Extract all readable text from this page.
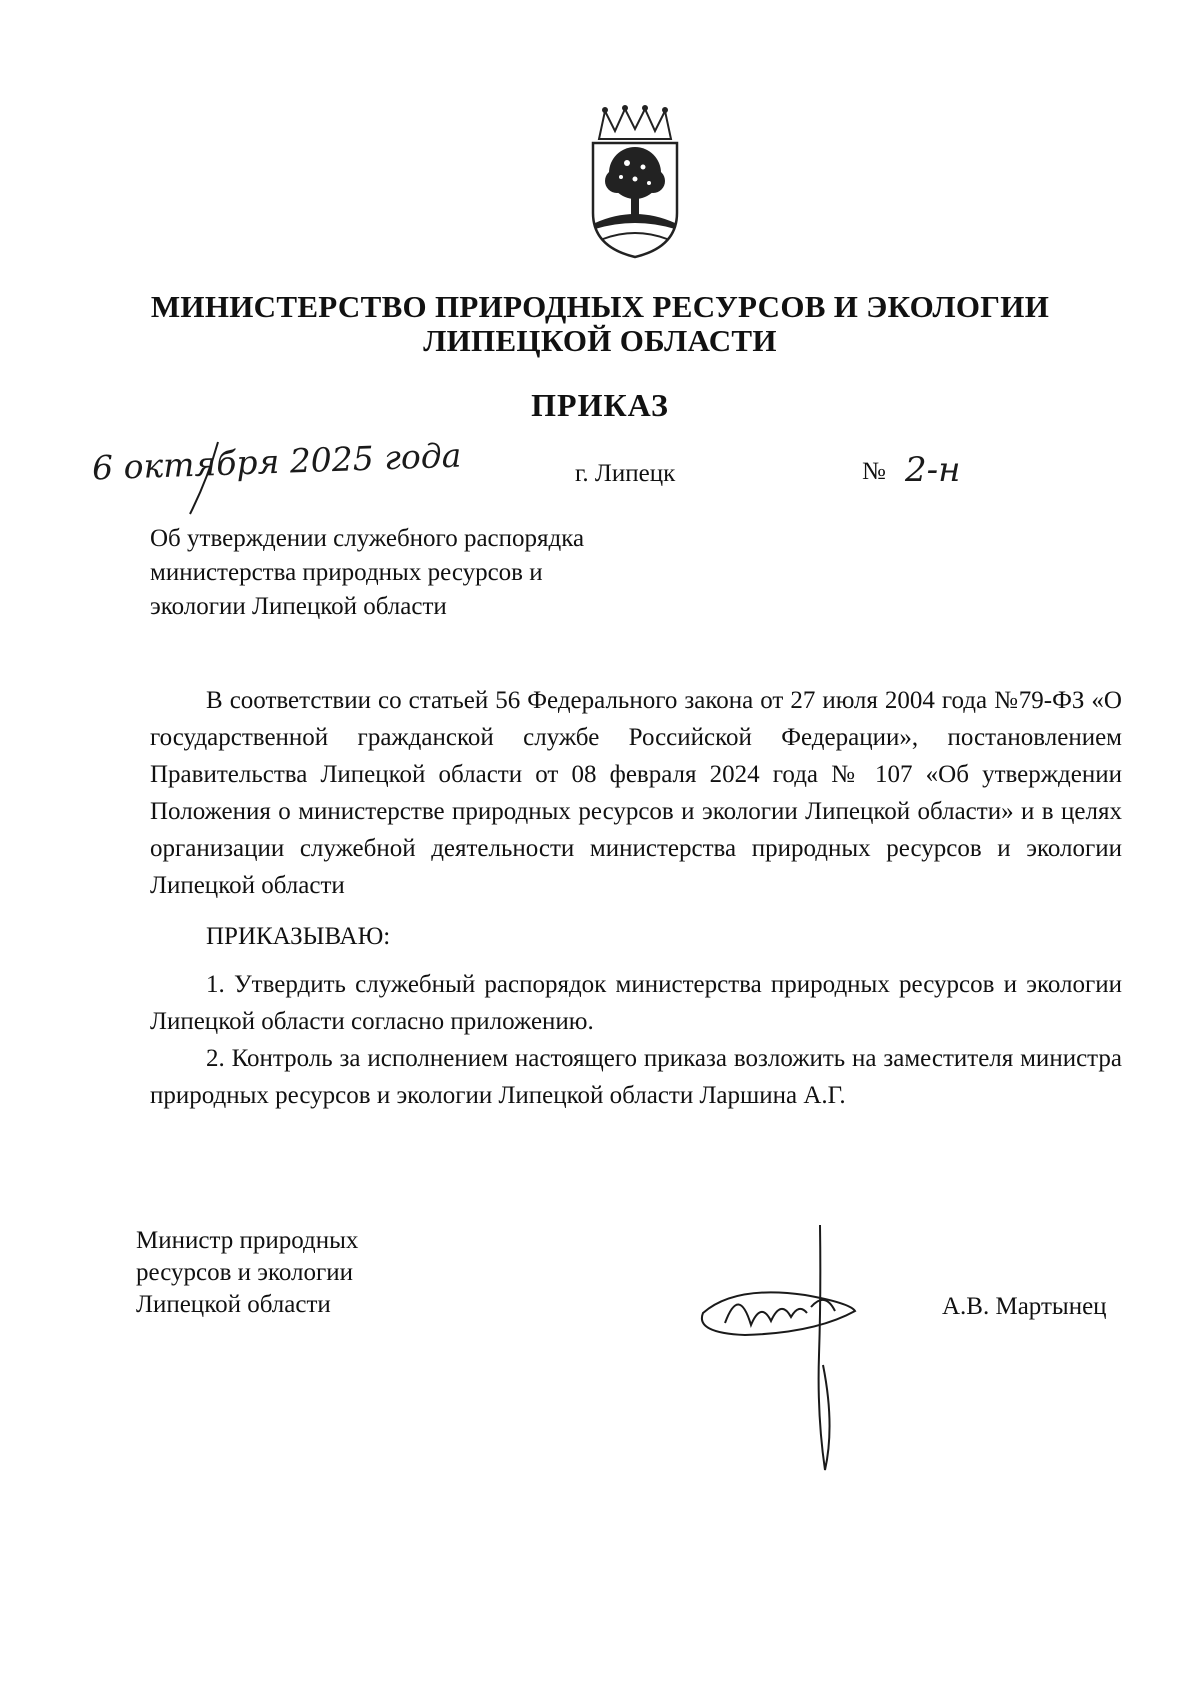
МИНИСТЕРСТВО ПРИРОДНЫХ РЕСУРСОВ И ЭКОЛОГИИ
ЛИПЕЦКОЙ ОБЛАСТИ
ПРИКАЗ
6 октября 2025 года	г. Липецк	№ 2-н
Об утверждении служебного распорядка
министерства природных ресурсов и
экологии Липецкой области

В соответствии со статьей 56 Федерального закона от 27 июля 2004 года №79-ФЗ «О государственной гражданской службе Российской Федерации», постановлением Правительства Липецкой области от 08 февраля 2024 года № 107 «Об утверждении Положения о министерстве природных ресурсов и экологии Липецкой области» и в целях организации служебной деятельности министерства природных ресурсов и экологии Липецкой области

ПРИКАЗЫВАЮ:

1. Утвердить служебный распорядок министерства природных ресурсов и экологии Липецкой области согласно приложению.

2. Контроль за исполнением настоящего приказа возложить на заместителя министра природных ресурсов и экологии Липецкой области Ларшина А.Г.

Министр природных
ресурсов и экологии
Липецкой области	А.В. Мартынец
